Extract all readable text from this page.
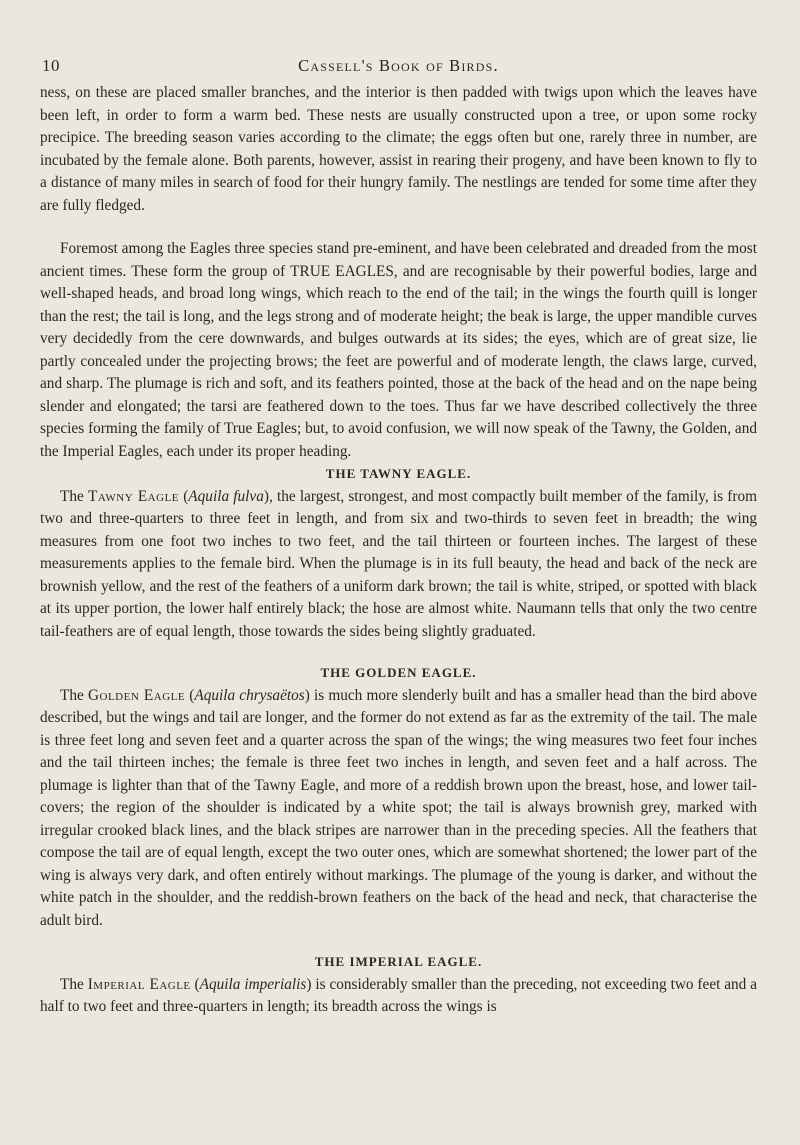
10	Cassell's Book of Birds.

ness, on these are placed smaller branches, and the interior is then padded with twigs upon which the leaves have been left, in order to form a warm bed. These nests are usually constructed upon a tree, or upon some rocky precipice. The breeding season varies according to the climate; the eggs often but one, rarely three in number, are incubated by the female alone. Both parents, however, assist in rearing their progeny, and have been known to fly to a distance of many miles in search of food for their hungry family. The nestlings are tended for some time after they are fully fledged.

Foremost among the Eagles three species stand pre-eminent, and have been celebrated and dreaded from the most ancient times. These form the group of TRUE EAGLES, and are recognisable by their powerful bodies, large and well-shaped heads, and broad long wings, which reach to the end of the tail; in the wings the fourth quill is longer than the rest; the tail is long, and the legs strong and of moderate height; the beak is large, the upper mandible curves very decidedly from the cere downwards, and bulges outwards at its sides; the eyes, which are of great size, lie partly concealed under the projecting brows; the feet are powerful and of moderate length, the claws large, curved, and sharp. The plumage is rich and soft, and its feathers pointed, those at the back of the head and on the nape being slender and elongated; the tarsi are feathered down to the toes. Thus far we have described collectively the three species forming the family of True Eagles; but, to avoid confusion, we will now speak of the Tawny, the Golden, and the Imperial Eagles, each under its proper heading.

THE TAWNY EAGLE.

The Tawny Eagle (Aquila fulva), the largest, strongest, and most compactly built member of the family, is from two and three-quarters to three feet in length, and from six and two-thirds to seven feet in breadth; the wing measures from one foot two inches to two feet, and the tail thirteen or fourteen inches. The largest of these measurements applies to the female bird. When the plumage is in its full beauty, the head and back of the neck are brownish yellow, and the rest of the feathers of a uniform dark brown; the tail is white, striped, or spotted with black at its upper portion, the lower half entirely black; the hose are almost white. Naumann tells that only the two centre tail-feathers are of equal length, those towards the sides being slightly graduated.

THE GOLDEN EAGLE.

The Golden Eagle (Aquila chrysaëtos) is much more slenderly built and has a smaller head than the bird above described, but the wings and tail are longer, and the former do not extend as far as the extremity of the tail. The male is three feet long and seven feet and a quarter across the span of the wings; the wing measures two feet four inches and the tail thirteen inches; the female is three feet two inches in length, and seven feet and a half across. The plumage is lighter than that of the Tawny Eagle, and more of a reddish brown upon the breast, hose, and lower tail-covers; the region of the shoulder is indicated by a white spot; the tail is always brownish grey, marked with irregular crooked black lines, and the black stripes are narrower than in the preceding species. All the feathers that compose the tail are of equal length, except the two outer ones, which are somewhat shortened; the lower part of the wing is always very dark, and often entirely without markings. The plumage of the young is darker, and without the white patch in the shoulder, and the reddish-brown feathers on the back of the head and neck, that characterise the adult bird.

THE IMPERIAL EAGLE.

The Imperial Eagle (Aquila imperialis) is considerably smaller than the preceding, not exceeding two feet and a half to two feet and three-quarters in length; its breadth across the wings is
